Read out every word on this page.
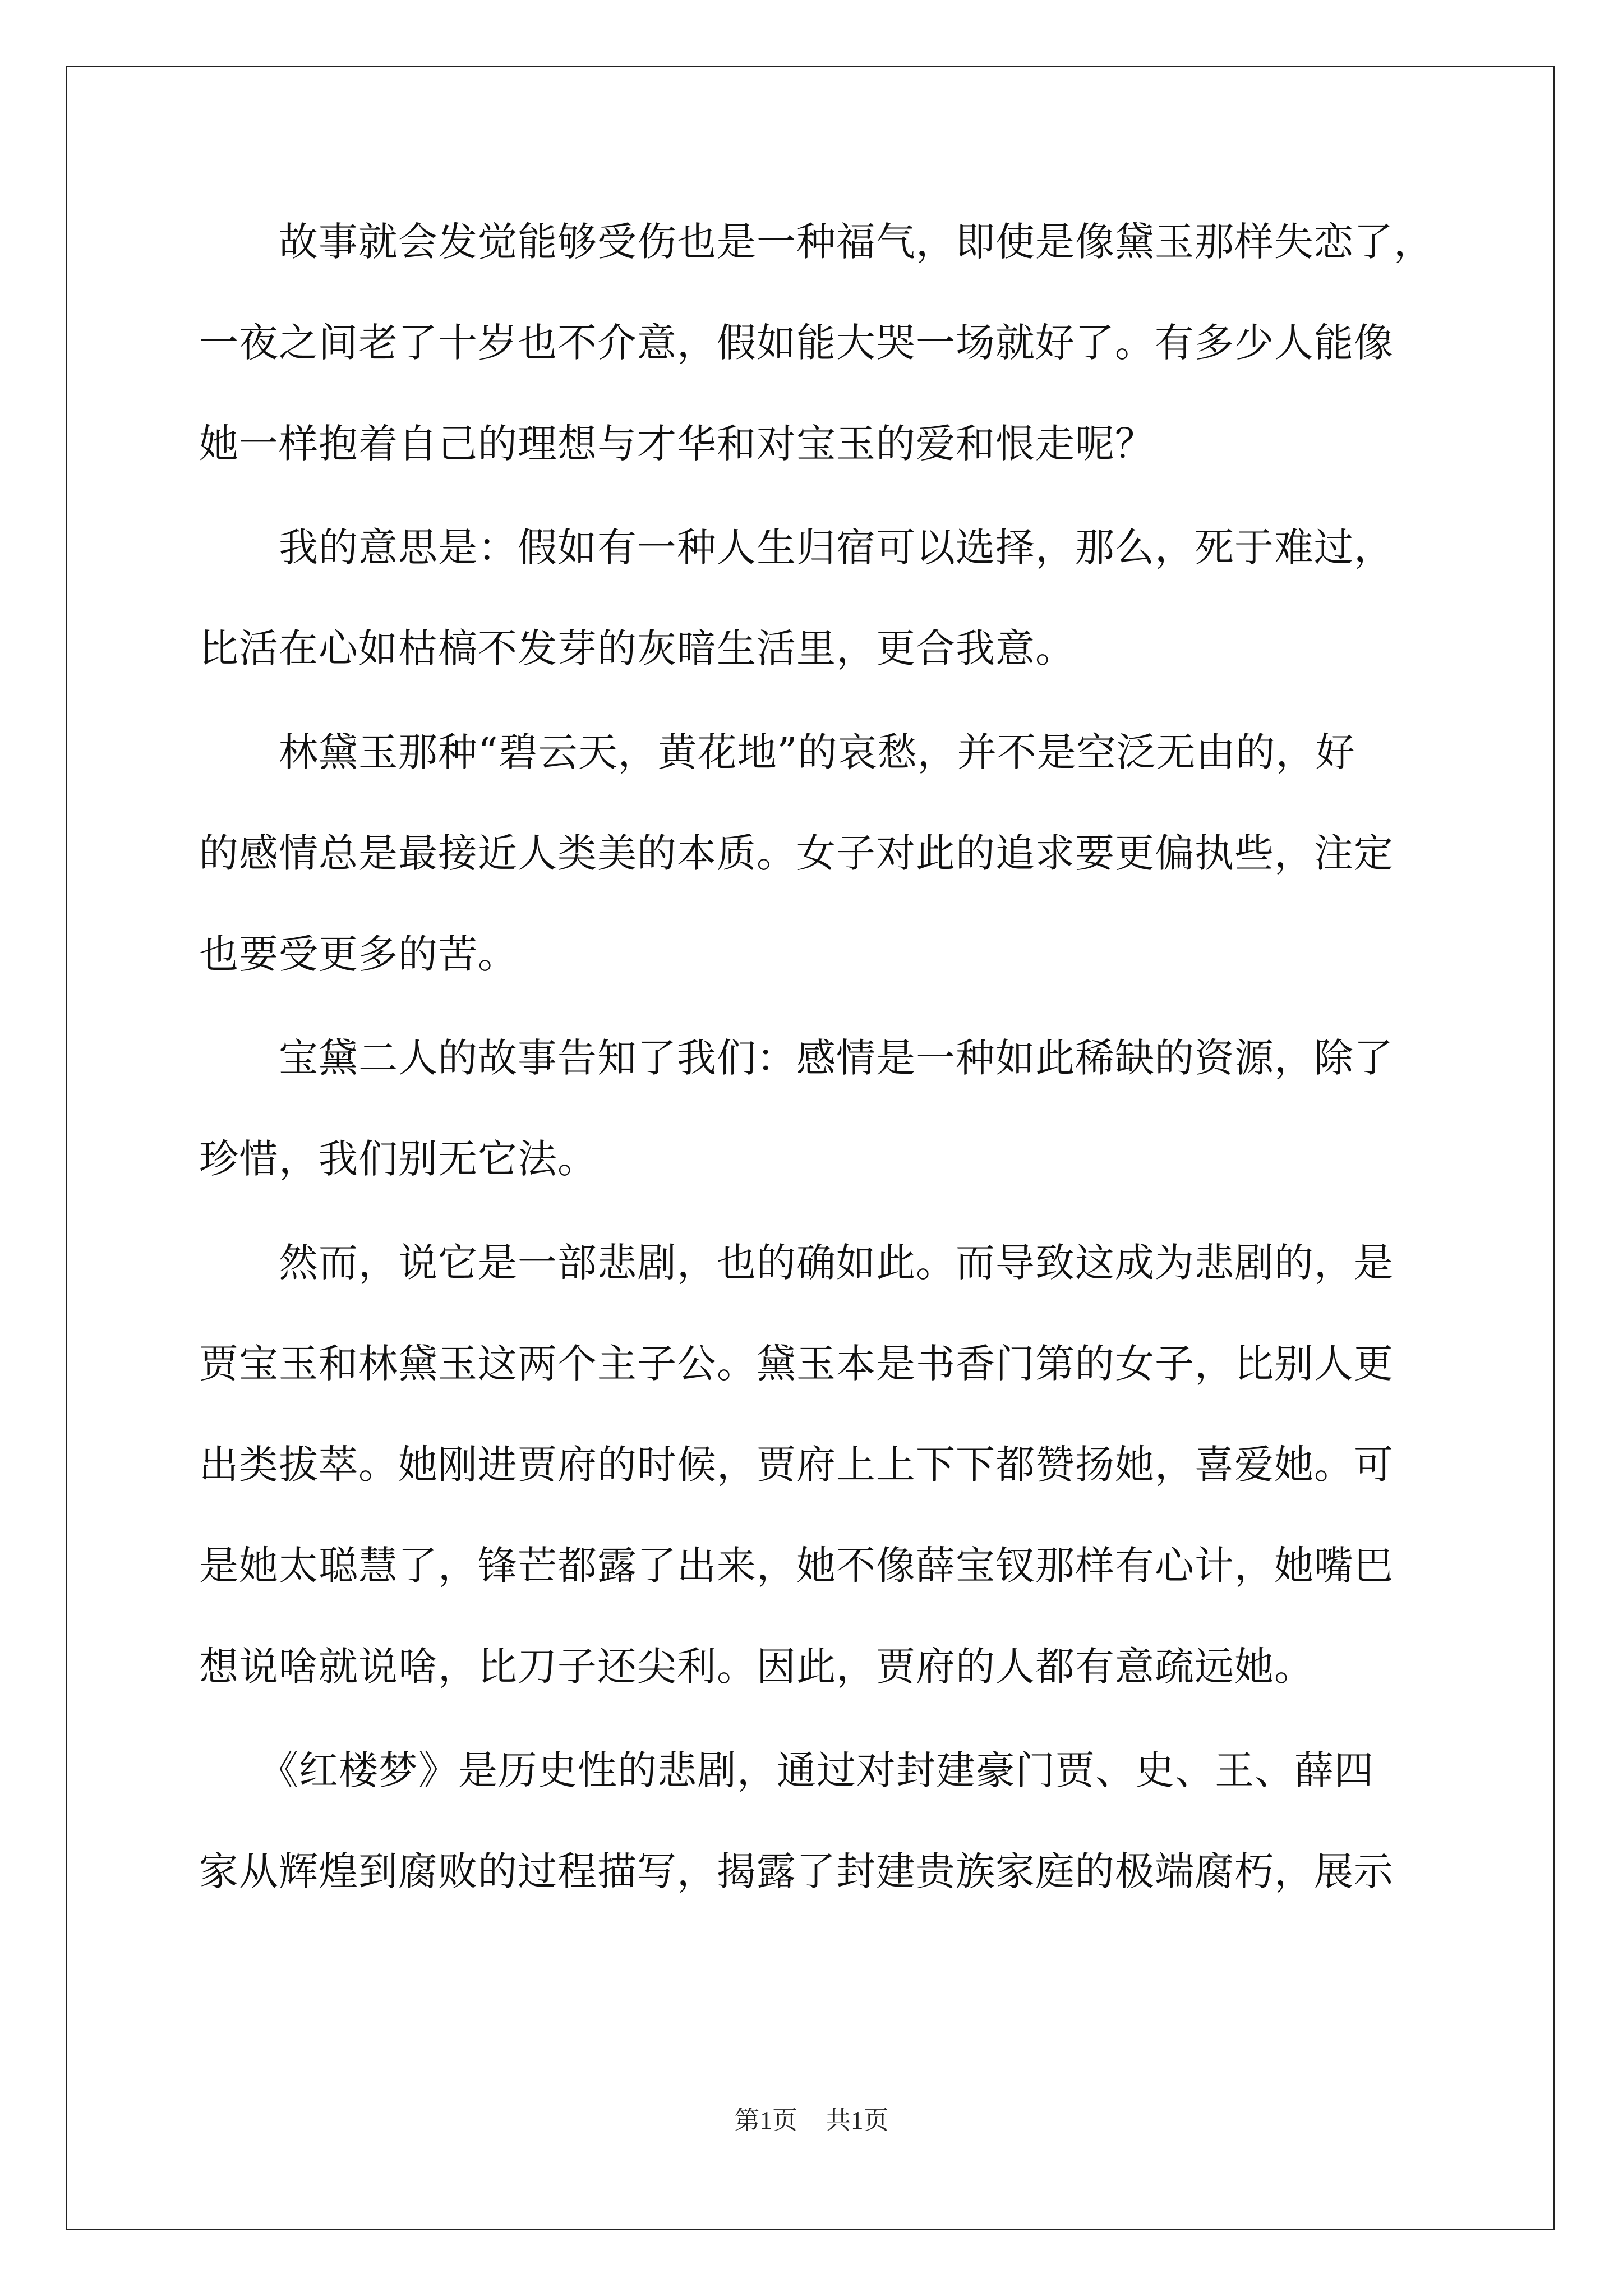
　　故事就会发觉能够受伤也是一种福气，即使是像黛玉那样失恋了，
一夜之间老了十岁也不介意，假如能大哭一场就好了。有多少人能像
她一样抱着自己的理想与才华和对宝玉的爱和恨走呢？
　　我的意思是：假如有一种人生归宿可以选择，那么，死于难过，
比活在心如枯槁不发芽的灰暗生活里，更合我意。
　　林黛玉那种“碧云天，黄花地”的哀愁，并不是空泛无由的，好
的感情总是最接近人类美的本质。女子对此的追求要更偏执些，注定
也要受更多的苦。
　　宝黛二人的故事告知了我们：感情是一种如此稀缺的资源，除了
珍惜，我们别无它法。
　　然而，说它是一部悲剧，也的确如此。而导致这成为悲剧的，是
贾宝玉和林黛玉这两个主子公。黛玉本是书香门第的女子，比别人更
出类拔萃。她刚进贾府的时候，贾府上上下下都赞扬她，喜爱她。可
是她太聪慧了，锋芒都露了出来，她不像薛宝钗那样有心计，她嘴巴
想说啥就说啥，比刀子还尖利。因此，贾府的人都有意疏远她。
　　《红楼梦》是历史性的悲剧，通过对封建豪门贾、史、王、薛四
家从辉煌到腐败的过程描写，揭露了封建贵族家庭的极端腐朽，展示
第1页 共1页
